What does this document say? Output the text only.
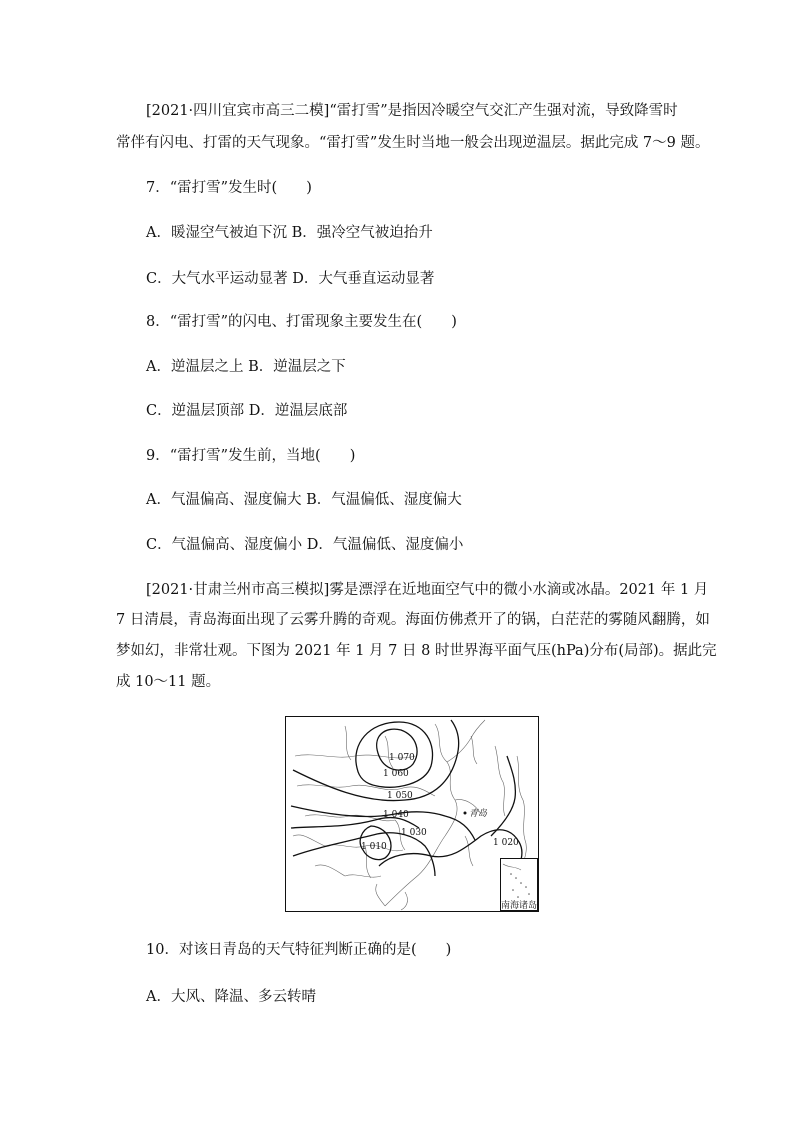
[2021·四川宜宾市高三二模]“雷打雪”是指因冷暖空气交汇产生强对流，导致降雪时
常伴有闪电、打雷的天气现象。“雷打雪”发生时当地一般会出现逆温层。据此完成 7～9 题。
7．“雷打雪”发生时(　　)
A．暖湿空气被迫下沉 B．强冷空气被迫抬升
C．大气水平运动显著 D．大气垂直运动显著
8．“雷打雪”的闪电、打雷现象主要发生在(　　)
A．逆温层之上 B．逆温层之下
C．逆温层顶部 D．逆温层底部
9．“雷打雪”发生前，当地(　　)
A．气温偏高、湿度偏大 B．气温偏低、湿度偏大
C．气温偏高、湿度偏小 D．气温偏低、湿度偏小
[2021·甘肃兰州市高三模拟]雾是漂浮在近地面空气中的微小水滴或冰晶。2021 年 1 月
7 日清晨，青岛海面出现了云雾升腾的奇观。海面仿佛煮开了的锅，白茫茫的雾随风翻腾，如
梦如幻，非常壮观。下图为 2021 年 1 月 7 日 8 时世界海平面气压(hPa)分布(局部)。据此完
成 10～11 题。
南海诸岛
1 070
1 060
1 050
1 040
1 030
1 010	1 020
青岛
10．对该日青岛的天气特征判断正确的是(　　)
A．大风、降温、多云转晴
